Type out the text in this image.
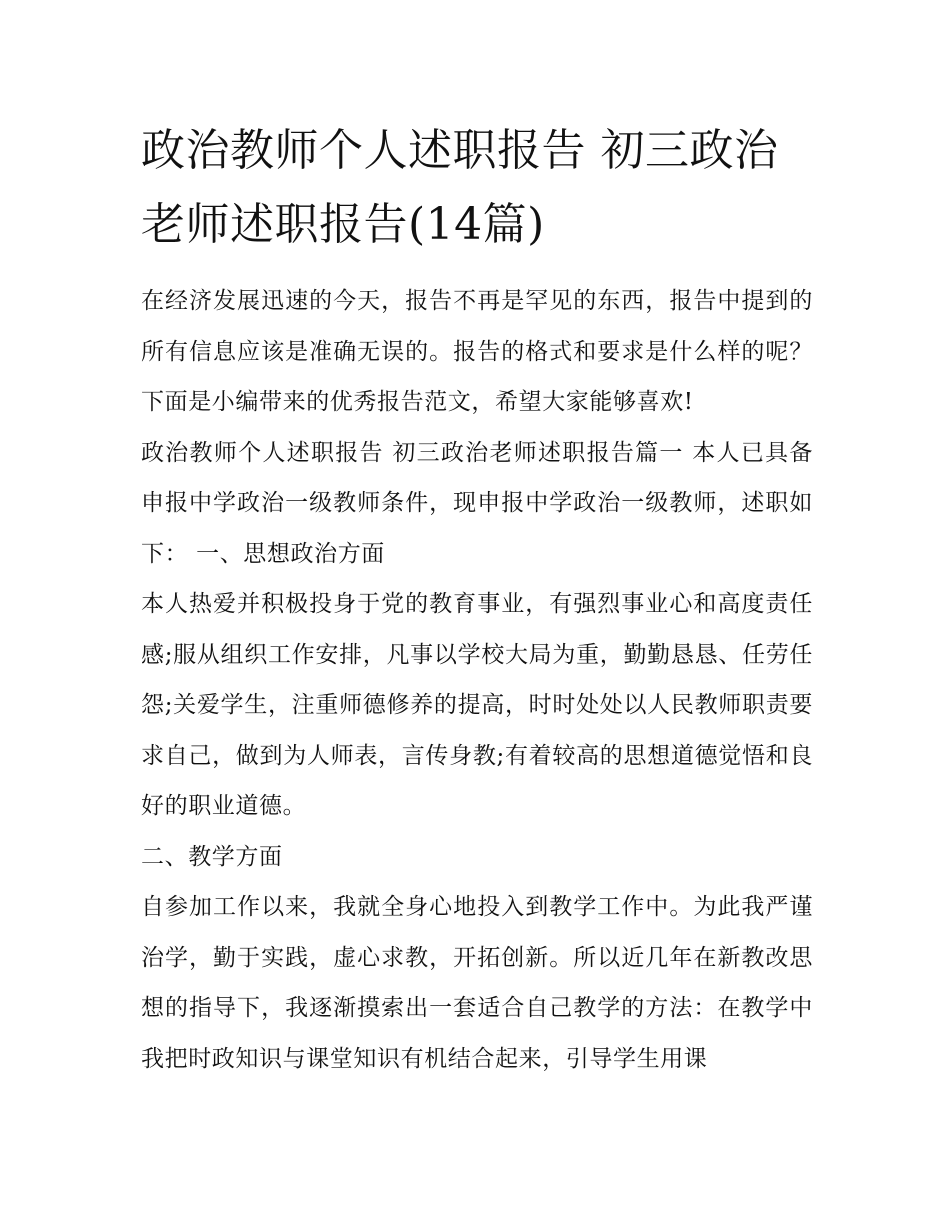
政治教师个人述职报告 初三政治老师述职报告(14篇)

在经济发展迅速的今天，报告不再是罕见的东西，报告中提到的所有信息应该是准确无误的。报告的格式和要求是什么样的呢？下面是小编带来的优秀报告范文，希望大家能够喜欢!

政治教师个人述职报告 初三政治老师述职报告篇一 本人已具备申报中学政治一级教师条件，现申报中学政治一级教师，述职如下： 一、思想政治方面

本人热爱并积极投身于党的教育事业，有强烈事业心和高度责任感;服从组织工作安排，凡事以学校大局为重，勤勤恳恳、任劳任怨;关爱学生，注重师德修养的提高，时时处处以人民教师职责要求自己，做到为人师表，言传身教;有着较高的思想道德觉悟和良好的职业道德。

二、教学方面

自参加工作以来，我就全身心地投入到教学工作中。为此我严谨治学，勤于实践，虚心求教，开拓创新。所以近几年在新教改思想的指导下，我逐渐摸索出一套适合自己教学的方法：在教学中我把时政知识与课堂知识有机结合起来，引导学生用课
